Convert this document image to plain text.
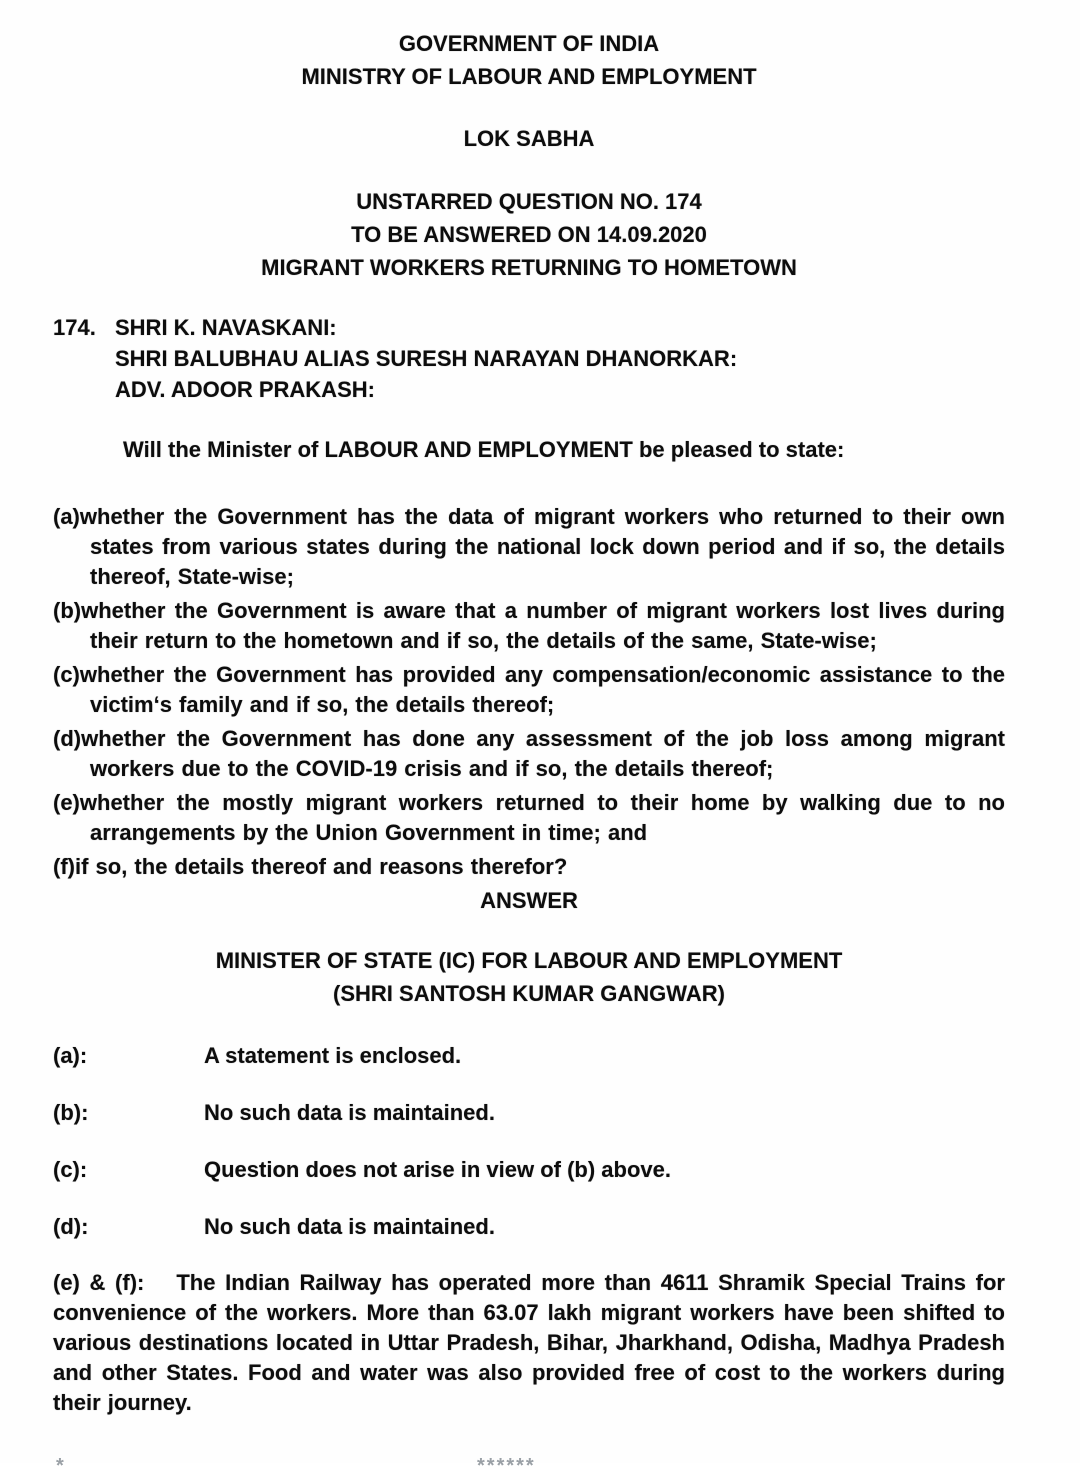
GOVERNMENT OF INDIA
MINISTRY OF LABOUR AND EMPLOYMENT
LOK SABHA
UNSTARRED QUESTION NO. 174
TO BE ANSWERED ON 14.09.2020
MIGRANT WORKERS RETURNING TO HOMETOWN
174. SHRI K. NAVASKANI:
SHRI BALUBHAU ALIAS SURESH NARAYAN DHANORKAR:
ADV. ADOOR PRAKASH:
Will the Minister of LABOUR AND EMPLOYMENT be pleased to state:
(a)whether the Government has the data of migrant workers who returned to their own states from various states during the national lock down period and if so, the details thereof, State-wise;
(b)whether the Government is aware that a number of migrant workers lost lives during their return to the hometown and if so, the details of the same, State-wise;
(c)whether the Government has provided any compensation/economic assistance to the victim‘s family and if so, the details thereof;
(d)whether the Government has done any assessment of the job loss among migrant workers due to the COVID-19 crisis and if so, the details thereof;
(e)whether the mostly migrant workers returned to their home by walking due to no arrangements by the Union Government in time; and
(f)if so, the details thereof and reasons therefor?
ANSWER
MINISTER OF STATE (IC) FOR LABOUR AND EMPLOYMENT
(SHRI SANTOSH KUMAR GANGWAR)
(a):	A statement is enclosed.
(b):	No such data is maintained.
(c):	Question does not arise in view of (b) above.
(d):	No such data is maintained.
(e) & (f): The Indian Railway has operated more than 4611 Shramik Special Trains for convenience of the workers. More than 63.07 lakh migrant workers have been shifted to various destinations located in Uttar Pradesh, Bihar, Jharkhand, Odisha, Madhya Pradesh and other States. Food and water was also provided free of cost to the workers during their journey.
*	******
